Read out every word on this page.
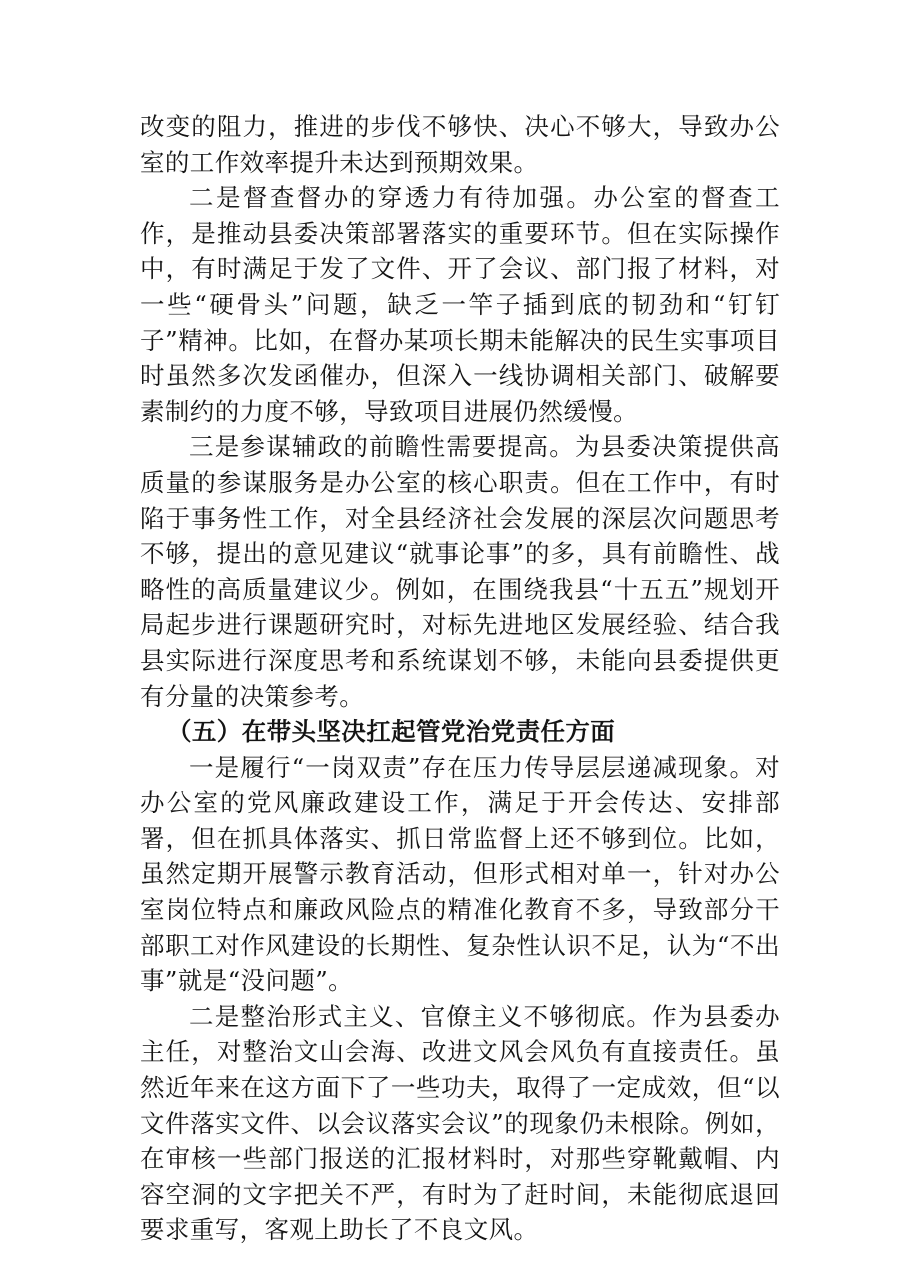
改变的阻力，推进的步伐不够快、决心不够大，导致办公室的工作效率提升未达到预期效果。

二是督查督办的穿透力有待加强。办公室的督查工作，是推动县委决策部署落实的重要环节。但在实际操作中，有时满足于发了文件、开了会议、部门报了材料，对一些“硬骨头”问题，缺乏一竿子插到底的韧劲和“钉钉子”精神。比如，在督办某项长期未能解决的民生实事项目时虽然多次发函催办，但深入一线协调相关部门、破解要素制约的力度不够，导致项目进展仍然缓慢。

三是参谋辅政的前瞻性需要提高。为县委决策提供高质量的参谋服务是办公室的核心职责。但在工作中，有时陷于事务性工作，对全县经济社会发展的深层次问题思考不够，提出的意见建议“就事论事”的多，具有前瞻性、战略性的高质量建议少。例如，在围绕我县“十五五”规划开局起步进行课题研究时，对标先进地区发展经验、结合我县实际进行深度思考和系统谋划不够，未能向县委提供更有分量的决策参考。

（五）在带头坚决扛起管党治党责任方面

一是履行“一岗双责”存在压力传导层层递减现象。对办公室的党风廉政建设工作，满足于开会传达、安排部署，但在抓具体落实、抓日常监督上还不够到位。比如，虽然定期开展警示教育活动，但形式相对单一，针对办公室岗位特点和廉政风险点的精准化教育不多，导致部分干部职工对作风建设的长期性、复杂性认识不足，认为“不出事”就是“没问题”。

二是整治形式主义、官僚主义不够彻底。作为县委办主任，对整治文山会海、改进文风会风负有直接责任。虽然近年来在这方面下了一些功夫，取得了一定成效，但“以文件落实文件、以会议落实会议”的现象仍未根除。例如，在审核一些部门报送的汇报材料时，对那些穿靴戴帽、内容空洞的文字把关不严，有时为了赶时间，未能彻底退回要求重写，客观上助长了不良文风。
